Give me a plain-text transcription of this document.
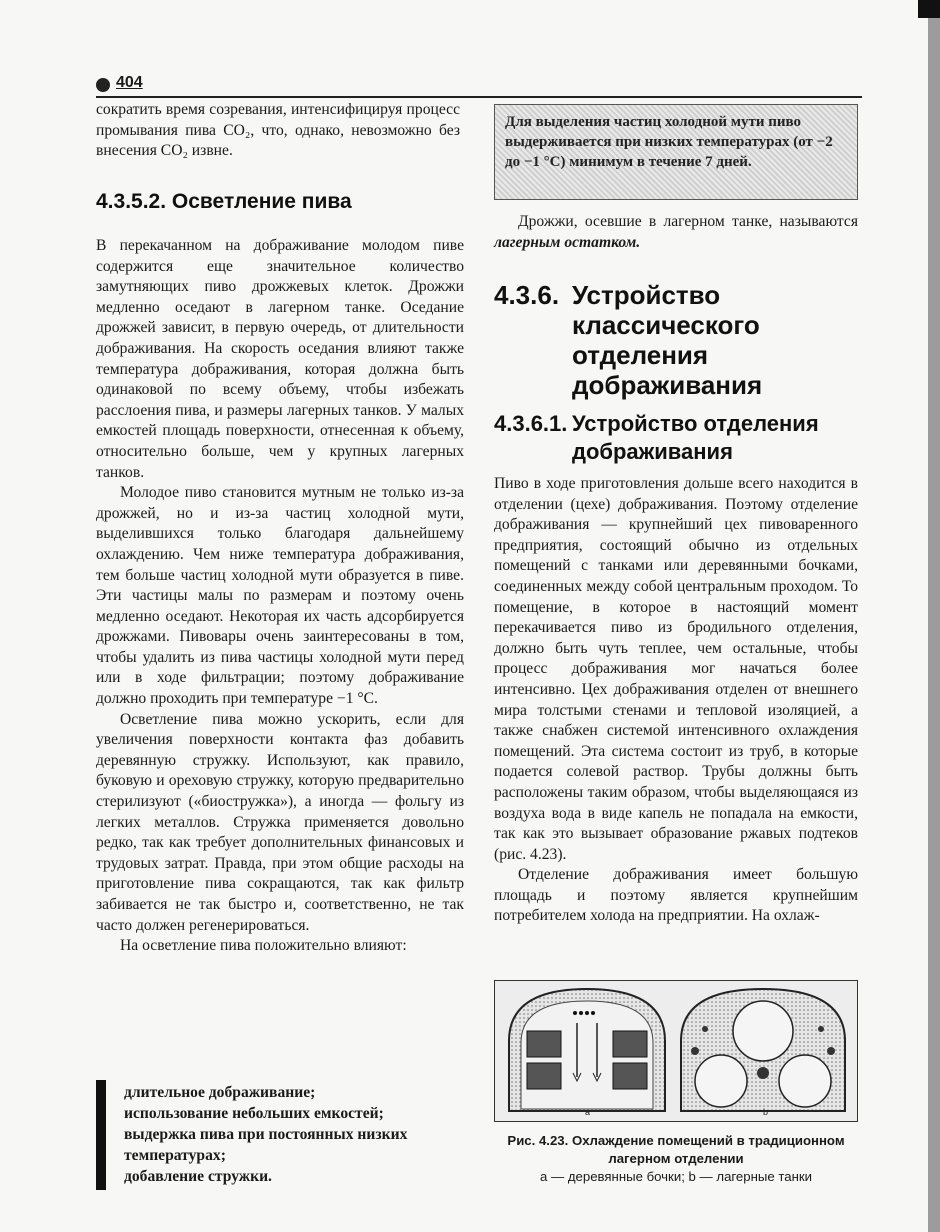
404

сократить время созревания, интенсифицируя процесс промывания пива CO₂, что, однако, невозможно без внесения CO₂ извне.

4.3.5.2. Осветление пива

В перекачанном на дображивание молодом пиве содержится еще значительное количество замутняющих пиво дрожжевых клеток. Дрожжи медленно оседают в лагерном танке. Оседание дрожжей зависит, в первую очередь, от длительности дображивания. На скорость оседания влияют также температура дображивания, которая должна быть одинаковой по всему объему, чтобы избежать расслоения пива, и размеры лагерных танков. У малых емкостей площадь поверхности, отнесенная к объему, относительно больше, чем у крупных лагерных танков.

Молодое пиво становится мутным не только из-за дрожжей, но и из-за частиц холодной мути, выделившихся только благодаря дальнейшему охлаждению. Чем ниже температура дображивания, тем больше частиц холодной мути образуется в пиве. Эти частицы малы по размерам и поэтому очень медленно оседают. Некоторая их часть адсорбируется дрожжами. Пивовары очень заинтересованы в том, чтобы удалить из пива частицы холодной мути перед или в ходе фильтрации; поэтому дображивание должно проходить при температуре −1 °C.

Осветление пива можно ускорить, если для увеличения поверхности контакта фаз добавить деревянную стружку. Используют, как правило, буковую и ореховую стружку, которую предварительно стерилизуют («биостружка»), а иногда — фольгу из легких металлов. Стружка применяется довольно редко, так как требует дополнительных финансовых и трудовых затрат. Правда, при этом общие расходы на приготовление пива сокращаются, так как фильтр забивается не так быстро и, соответственно, не так часто должен регенерироваться.

На осветление пива положительно влияют:

длительное дображивание;
использование небольших емкостей;
выдержка пива при постоянных низких температурах;
добавление стружки.
Для выделения частиц холодной мути пиво выдерживается при низких температурах (от −2 до −1 °C) минимум в течение 7 дней.

Дрожжи, осевшие в лагерном танке, называются лагерным остатком.

4.3.6. Устройство
классического
отделения
дображивания
4.3.6.1. Устройство отделения
дображивания

Пиво в ходе приготовления дольше всего находится в отделении (цехе) дображивания. Поэтому отделение дображивания — крупнейший цех пивоваренного предприятия, состоящий обычно из отдельных помещений с танками или деревянными бочками, соединенных между собой центральным проходом. То помещение, в которое в настоящий момент перекачивается пиво из бродильного отделения, должно быть чуть теплее, чем остальные, чтобы процесс дображивания мог начаться более интенсивно. Цех дображивания отделен от внешнего мира толстыми стенами и тепловой изоляцией, а также снабжен системой интенсивного охлаждения помещений. Эта система состоит из труб, в которые подается солевой раствор. Трубы должны быть расположены таким образом, чтобы выделяющаяся из воздуха вода в виде капель не попадала на емкости, так как это вызывает образование ржавых подтеков (рис. 4.23).

Отделение дображивания имеет большую площадь и поэтому является крупнейшим потребителем холода на предприятии. На охлаж-

a	b
Рис. 4.23. Охлаждение помещений в традиционном лагерном отделении
a — деревянные бочки; b — лагерные танки
